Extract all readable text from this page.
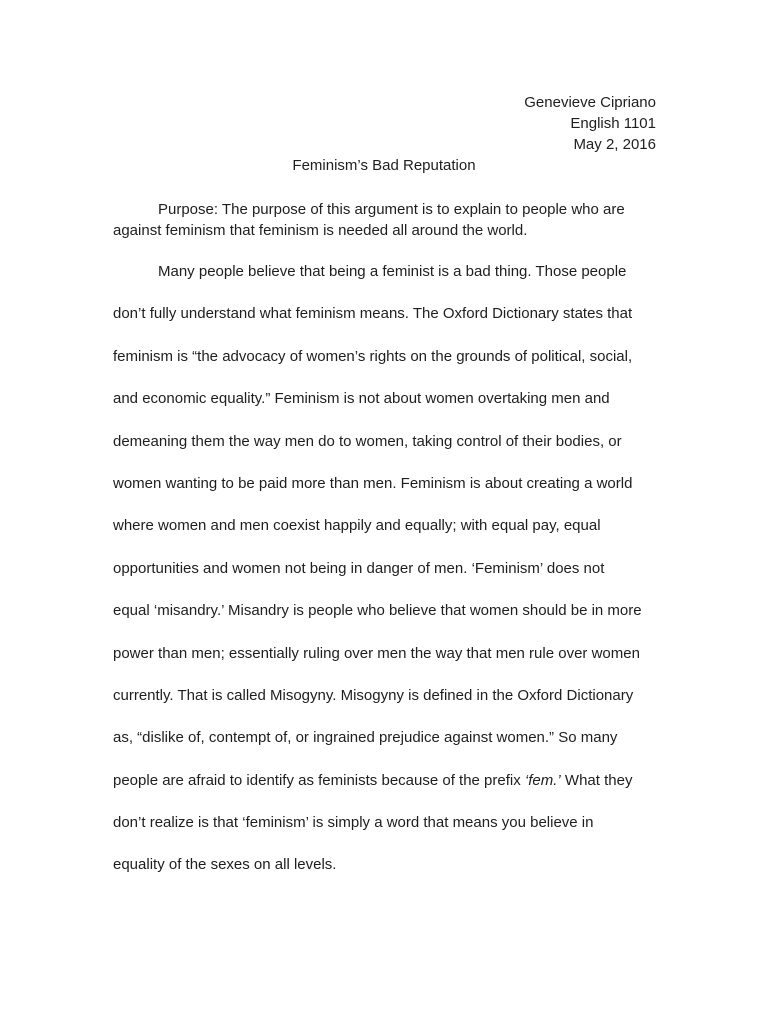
Genevieve Cipriano
English 1101
May 2, 2016
Feminism’s Bad Reputation
Purpose: The purpose of this argument is to explain to people who are against feminism that feminism is needed all around the world.
Many people believe that being a feminist is a bad thing. Those people
don’t fully understand what feminism means. The Oxford Dictionary states that
feminism is “the advocacy of women’s rights on the grounds of political, social,
and economic equality.” Feminism is not about women overtaking men and
demeaning them the way men do to women, taking control of their bodies, or
women wanting to be paid more than men. Feminism is about creating a world
where women and men coexist happily and equally; with equal pay, equal
opportunities and women not being in danger of men. ‘Feminism’ does not
equal ‘misandry.’ Misandry is people who believe that women should be in more
power than men; essentially ruling over men the way that men rule over women
currently. That is called Misogyny. Misogyny is defined in the Oxford Dictionary
as, “dislike of, contempt of, or ingrained prejudice against women.” So many
people are afraid to identify as feminists because of the prefix ‘fem.’ What they
don’t realize is that ‘feminism’ is simply a word that means you believe in
equality of the sexes on all levels.
